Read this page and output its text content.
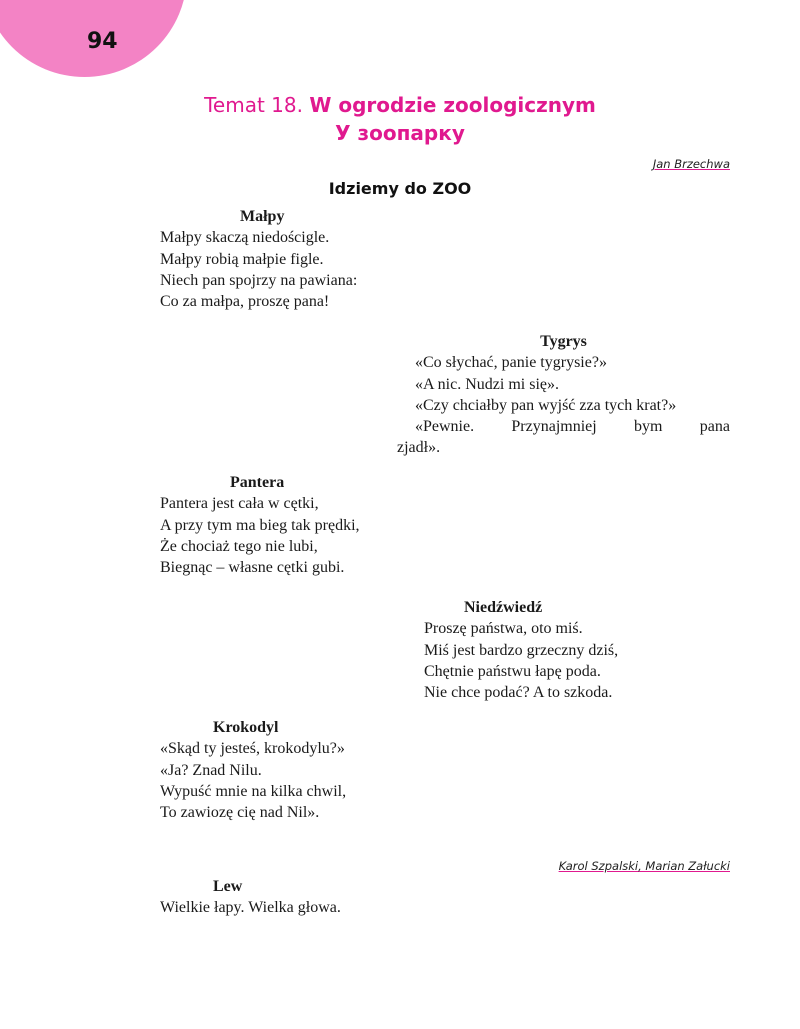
94
Temat 18. W ogrodzie zoologicznym
У зоопарку
Jan Brzechwa
Idziemy do ZOO
Małpy
Małpy skaczą niedościgle.
Małpy robią małpie figle.
Niech pan spojrzy na pawiana:
Co za małpa, proszę pana!
Tygrys
«Co słychać, panie tygrysie?»
«A nic. Nudzi mi się».
«Czy chciałby pan wyjść zza tych krat?»
«Pewnie. Przynajmniej bym pana
zjadł».
Pantera
Pantera jest cała w cętki,
A przy tym ma bieg tak prędki,
Że chociaż tego nie lubi,
Biegnąc – własne cętki gubi.
Niedźwiedź
Proszę państwa, oto miś.
Miś jest bardzo grzeczny dziś,
Chętnie państwu łapę poda.
Nie chce podać? A to szkoda.
Krokodyl
«Skąd ty jesteś, krokodylu?»
«Ja? Znad Nilu.
Wypuść mnie na kilka chwil,
To zawiozę cię nad Nil».
Karol Szpalski, Marian Załucki
Lew
Wielkie łapy. Wielka głowa.
